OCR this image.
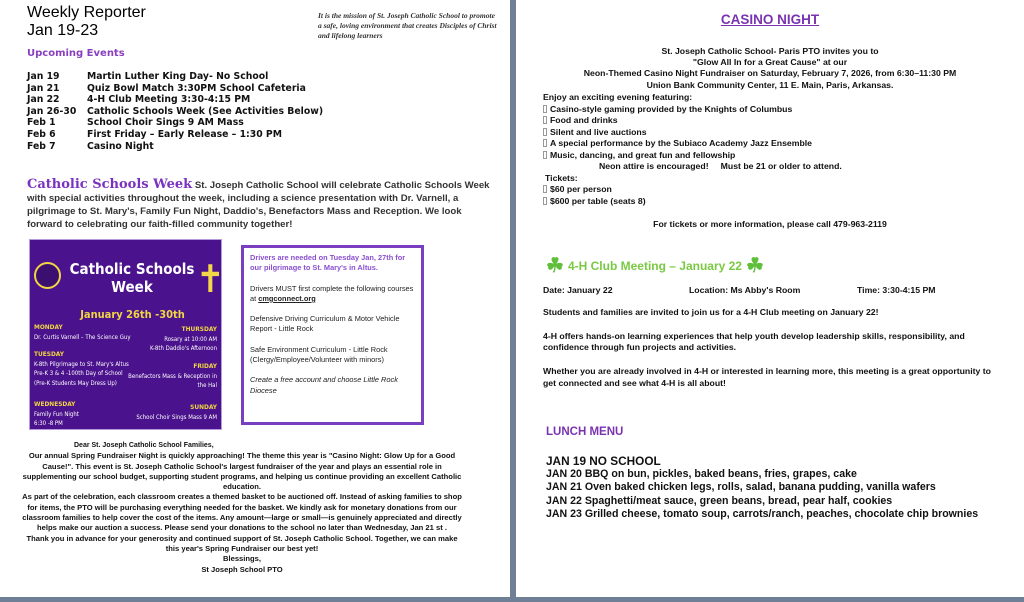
Weekly Reporter
Jan 19-23
It is the mission of St. Joseph Catholic School to promote a safe, loving environment that creates Disciples of Christ and lifelong learners
Upcoming Events
Jan 19	Martin Luther King Day- No School
Jan 21	Quiz Bowl Match 3:30PM School Cafeteria
Jan 22	4-H Club Meeting 3:30-4:15 PM
Jan 26-30	Catholic Schools Week (See Activities Below)
Feb 1	School Choir Sings 9 AM Mass
Feb 6	First Friday – Early Release – 1:30 PM
Feb 7	Casino Night
Catholic Schools Week St. Joseph Catholic School will celebrate Catholic Schools Week with special activities throughout the week, including a science presentation with Dr. Varnell, a pilgrimage to St. Mary's, Family Fun Night, Daddio's, Benefactors Mass and Reception. We look forward to celebrating our faith-filled community together!
Catholic Schools Week	✝
January 26th -30th
MONDAY
Dr. Curtis Varnell – The Science Guy
TUESDAY
K-8th Pilgrimage to St. Mary's Altus
Pre-K 3 & 4 -100th Day of School
(Pre-K Students May Dress Up)
WEDNESDAY
Family Fun Night
6:30 -8 PM
THURSDAY
Rosary at 10:00 AM
K-8th Daddio's Afternoon
FRIDAY
Benefactors Mass & Reception in
the Hal
SUNDAY
School Choir Sings Mass 9 AM

Drivers are needed on Tuesday Jan, 27th for our pilgrimage to St. Mary's in Altus.

Drivers MUST first complete the following courses at cmgconnect.org

Defensive Driving Curriculum & Motor Vehicle Report - Little Rock

Safe Environment Curriculum - Little Rock (Clergy/Employee/Volunteer with minors)

Create a free account and choose Little Rock Diocese

Dear St. Joseph Catholic School Families,
Our annual Spring Fundraiser Night is quickly approaching! The theme this year is "Casino Night: Glow Up for a Good Cause!". This event is St. Joseph Catholic School's largest fundraiser of the year and plays an essential role in supplementing our school budget, supporting student programs, and helping us continue providing an excellent Catholic education.
As part of the celebration, each classroom creates a themed basket to be auctioned off. Instead of asking families to shop for items, the PTO will be purchasing everything needed for the basket. We kindly ask for monetary donations from our classroom families to help cover the cost of the items. Any amount—large or small—is genuinely appreciated and directly helps make our auction a success. Please send your donations to the school no later than Wednesday, Jan 21 st .
Thank you in advance for your generosity and continued support of St. Joseph Catholic School. Together, we can make this year's Spring Fundraiser our best yet!
Blessings,
St Joseph School PTO
CASINO NIGHT
St. Joseph Catholic School- Paris PTO invites you to
"Glow All In for a Great Cause" at our
Neon-Themed Casino Night Fundraiser on Saturday, February 7, 2026, from 6:30–11:30 PM
Union Bank Community Center, 11 E. Main, Paris, Arkansas.
Enjoy an exciting evening featuring:
Casino-style gaming provided by the Knights of Columbus
Food and drinks
Silent and live auctions
A special performance by the Subiaco Academy Jazz Ensemble
Music, dancing, and great fun and fellowship
Neon attire is encouraged!     Must be 21 or older to attend.
Tickets:
$60 per person
$600 per table (seats 8)
For tickets or more information, please call 479-963-2119
☘ 4-H Club Meeting – January 22 ☘
Date: January 22	Location: Ms Abby's Room	Time: 3:30-4:15 PM
Students and families are invited to join us for a 4-H Club meeting on January 22!
4-H offers hands-on learning experiences that help youth develop leadership skills, responsibility, and confidence through fun projects and activities.
Whether you are already involved in 4-H or interested in learning more, this meeting is a great opportunity to get connected and see what 4-H is all about!
LUNCH MENU
JAN 19 NO SCHOOL
JAN 20 BBQ on bun, pickles, baked beans, fries, grapes, cake
JAN 21 Oven baked chicken legs, rolls, salad, banana pudding, vanilla wafers
JAN 22 Spaghetti/meat sauce, green beans, bread, pear half, cookies
JAN 23 Grilled cheese, tomato soup, carrots/ranch, peaches, chocolate chip brownies
